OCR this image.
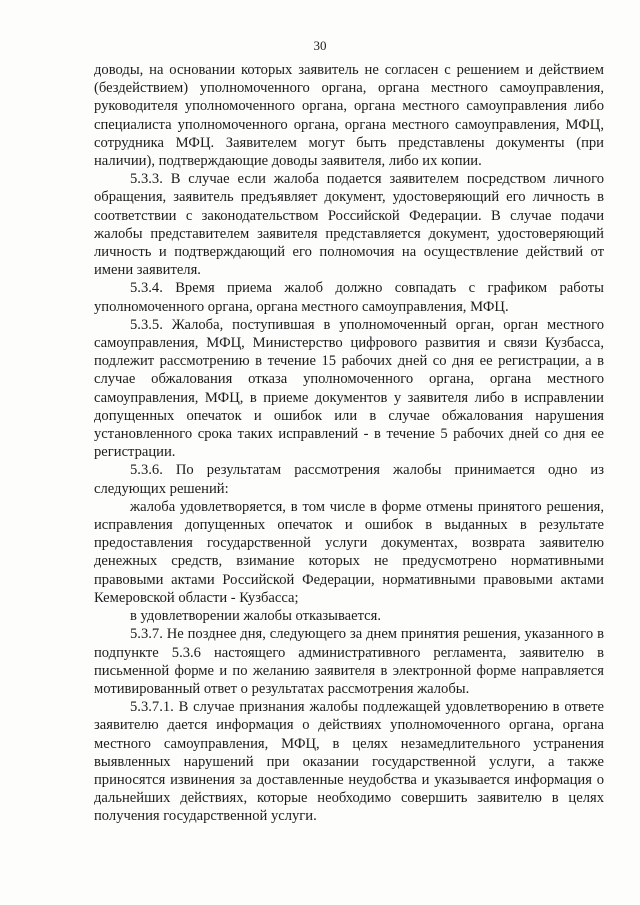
30

доводы, на основании которых заявитель не согласен с решением и действием (бездействием) уполномоченного органа, органа местного самоуправления, руководителя уполномоченного органа, органа местного самоуправления либо специалиста уполномоченного органа, органа местного самоуправления, МФЦ, сотрудника МФЦ. Заявителем могут быть представлены документы (при наличии), подтверждающие доводы заявителя, либо их копии.

5.3.3. В случае если жалоба подается заявителем посредством личного обращения, заявитель предъявляет документ, удостоверяющий его личность в соответствии с законодательством Российской Федерации. В случае подачи жалобы представителем заявителя представляется документ, удостоверяющий личность и подтверждающий его полномочия на осуществление действий от имени заявителя.

5.3.4. Время приема жалоб должно совпадать с графиком работы уполномоченного органа, органа местного самоуправления, МФЦ.

5.3.5. Жалоба, поступившая в уполномоченный орган, орган местного самоуправления, МФЦ, Министерство цифрового развития и связи Кузбасса, подлежит рассмотрению в течение 15 рабочих дней со дня ее регистрации, а в случае обжалования отказа уполномоченного органа, органа местного самоуправления, МФЦ, в приеме документов у заявителя либо в исправлении допущенных опечаток и ошибок или в случае обжалования нарушения установленного срока таких исправлений - в течение 5 рабочих дней со дня ее регистрации.

5.3.6. По результатам рассмотрения жалобы принимается одно из следующих решений:

жалоба удовлетворяется, в том числе в форме отмены принятого решения, исправления допущенных опечаток и ошибок в выданных в результате предоставления государственной услуги документах, возврата заявителю денежных средств, взимание которых не предусмотрено нормативными правовыми актами Российской Федерации, нормативными правовыми актами Кемеровской области - Кузбасса;

в удовлетворении жалобы отказывается.

5.3.7. Не позднее дня, следующего за днем принятия решения, указанного в подпункте 5.3.6 настоящего административного регламента, заявителю в письменной форме и по желанию заявителя в электронной форме направляется мотивированный ответ о результатах рассмотрения жалобы.

5.3.7.1. В случае признания жалобы подлежащей удовлетворению в ответе заявителю дается информация о действиях уполномоченного органа, органа местного самоуправления, МФЦ, в целях незамедлительного устранения выявленных нарушений при оказании государственной услуги, а также приносятся извинения за доставленные неудобства и указывается информация о дальнейших действиях, которые необходимо совершить заявителю в целях получения государственной услуги.
